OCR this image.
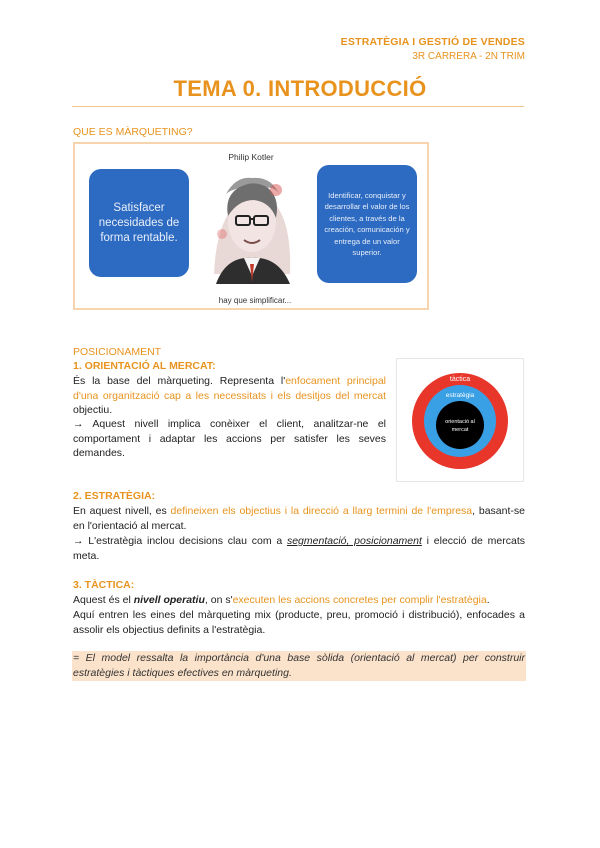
ESTRATÈGIA I GESTIÓ DE VENDES
3R CARRERA - 2N TRIM
TEMA 0. INTRODUCCIÓ
QUE ES MÀRQUETING?
Satisfacer necesidades de forma rentable.
Philip Kotler
Identificar, conquistar y desarrollar el valor de los clientes, a través de la creación, comunicación y entrega de un valor superior.
hay que simplificar...
POSICIONAMENT
1. ORIENTACIÓ AL MERCAT:
És la base del màrqueting. Representa l'enfocament principal d'una organització cap a les necessitats i els desitjos del mercat objectiu.
→ Aquest nivell implica conèixer el client, analitzar-ne el comportament i adaptar les accions per satisfer les seves demandes.
tàctica
estratègia
orientació al
mercat
2. ESTRATÈGIA:
En aquest nivell, es defineixen els objectius i la direcció a llarg termini de l'empresa, basant-se en l'orientació al mercat.
→ L'estratègia inclou decisions clau com a segmentació, posicionament i elecció de mercats meta.
3. TÀCTICA:
Aquest és el nivell operatiu, on s'executen les accions concretes per complir l'estratègia.
Aquí entren les eines del màrqueting mix (producte, preu, promoció i distribució), enfocades a assolir els objectius definits a l'estratègia.
= El model ressalta la importància d'una base sòlida (orientació al mercat) per construir estratègies i tàctiques efectives en màrqueting.
